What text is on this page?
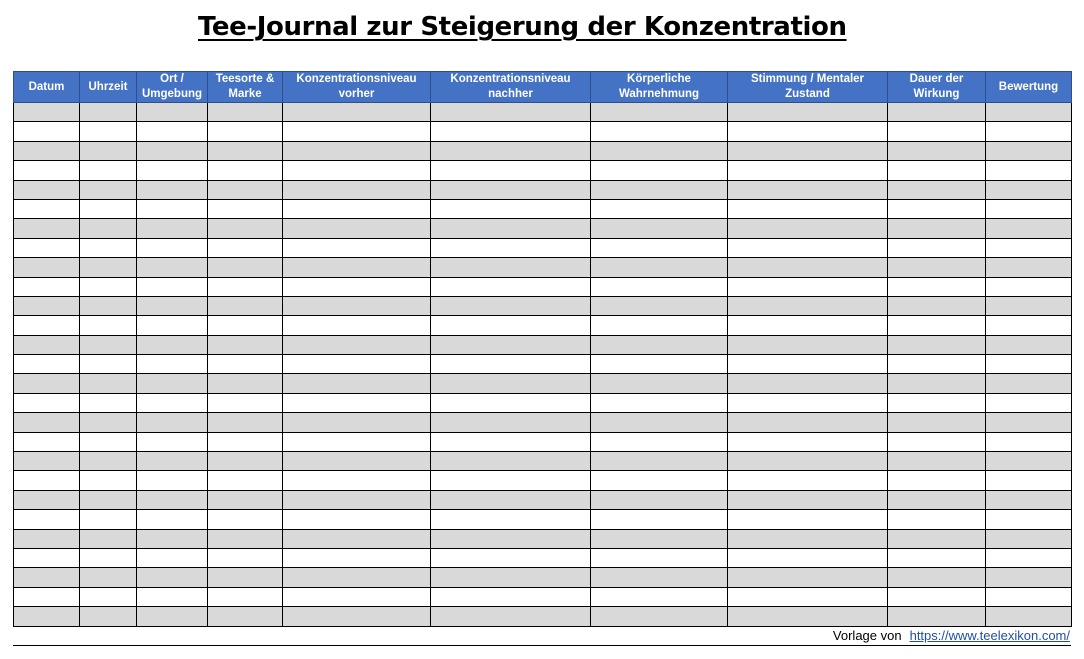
Tee-Journal zur Steigerung der Konzentration
Datum	Uhrzeit	Ort / Umgebung	Teesorte & Marke	Konzentrationsniveau vorher	Konzentrationsniveau nachher	Körperliche Wahrnehmung	Stimmung / Mentaler Zustand	Dauer der Wirkung	Bewertung

Vorlage von https://www.teelexikon.com/
